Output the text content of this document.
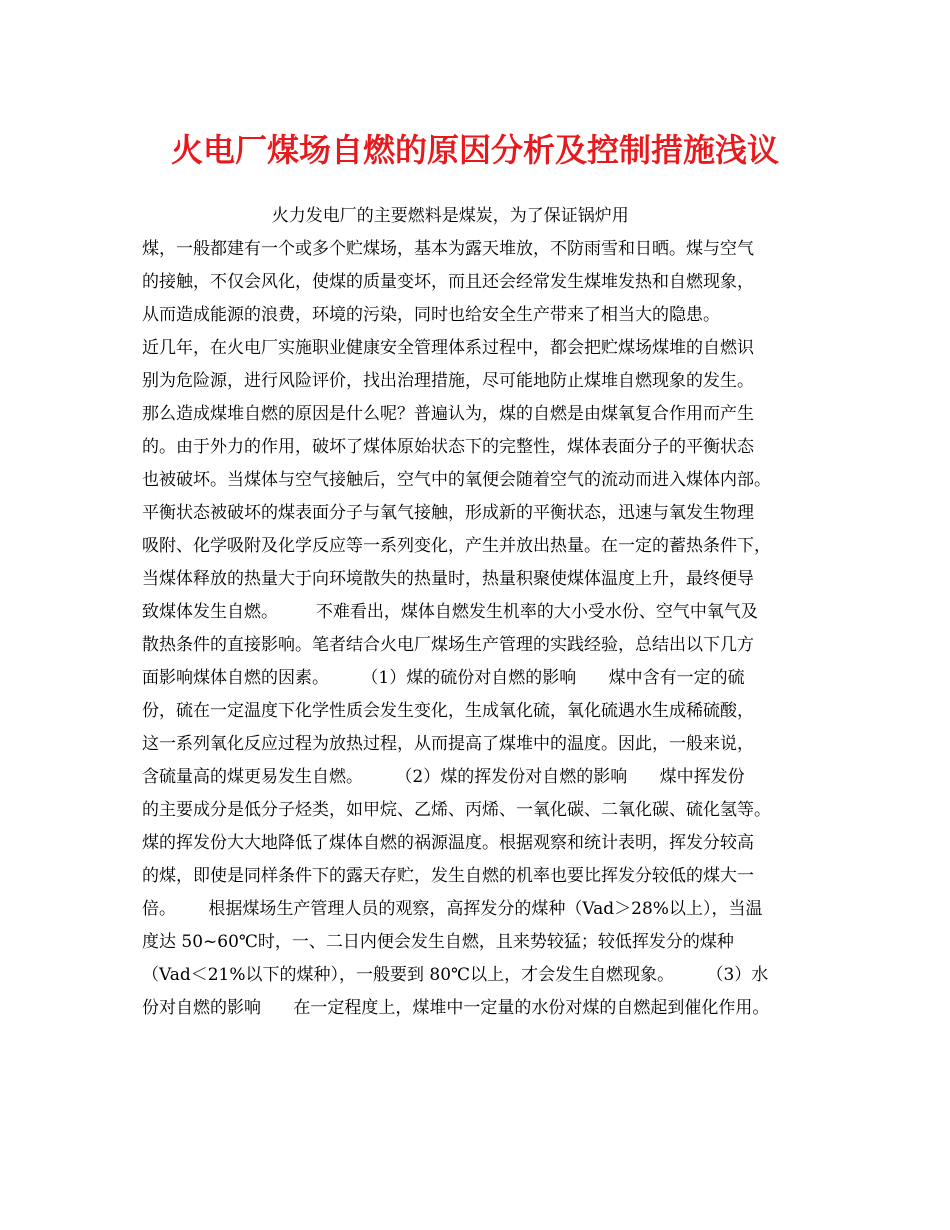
火电厂煤场自燃的原因分析及控制措施浅议
火力发电厂的主要燃料是煤炭，为了保证锅炉用
煤，一般都建有一个或多个贮煤场，基本为露天堆放，不防雨雪和日晒。煤与空气
的接触，不仅会风化，使煤的质量变坏，而且还会经常发生煤堆发热和自燃现象，
从而造成能源的浪费，环境的污染，同时也给安全生产带来了相当大的隐患。
近几年，在火电厂实施职业健康安全管理体系过程中，都会把贮煤场煤堆的自燃识
别为危险源，进行风险评价，找出治理措施，尽可能地防止煤堆自燃现象的发生。
那么造成煤堆自燃的原因是什么呢？普遍认为，煤的自燃是由煤氧复合作用而产生
的。由于外力的作用，破坏了煤体原始状态下的完整性，煤体表面分子的平衡状态
也被破坏。当煤体与空气接触后，空气中的氧便会随着空气的流动而进入煤体内部。
平衡状态被破坏的煤表面分子与氧气接触，形成新的平衡状态，迅速与氧发生物理
吸附、化学吸附及化学反应等一系列变化，产生并放出热量。在一定的蓄热条件下，
当煤体释放的热量大于向环境散失的热量时，热量积聚使煤体温度上升，最终便导
致煤体发生自燃。       不难看出，煤体自燃发生机率的大小受水份、空气中氧气及
散热条件的直接影响。笔者结合火电厂煤场生产管理的实践经验，总结出以下几方
面影响煤体自燃的因素。      （1）煤的硫份对自燃的影响      煤中含有一定的硫
份，硫在一定温度下化学性质会发生变化，生成氧化硫，氧化硫遇水生成稀硫酸，
这一系列氧化反应过程为放热过程，从而提高了煤堆中的温度。因此，一般来说，
含硫量高的煤更易发生自燃。      （2）煤的挥发份对自燃的影响      煤中挥发份
的主要成分是低分子烃类，如甲烷、乙烯、丙烯、一氧化碳、二氧化碳、硫化氢等。
煤的挥发份大大地降低了煤体自燃的祸源温度。根据观察和统计表明，挥发分较高
的煤，即使是同样条件下的露天存贮，发生自燃的机率也要比挥发分较低的煤大一
倍。      根据煤场生产管理人员的观察，高挥发分的煤种（Vad＞28%以上），当温
度达 50~60℃时，一、二日内便会发生自燃，且来势较猛；较低挥发分的煤种
（Vad＜21%以下的煤种），一般要到 80℃以上，才会发生自燃现象。      （3）水
份对自燃的影响      在一定程度上，煤堆中一定量的水份对煤的自燃起到催化作用。
